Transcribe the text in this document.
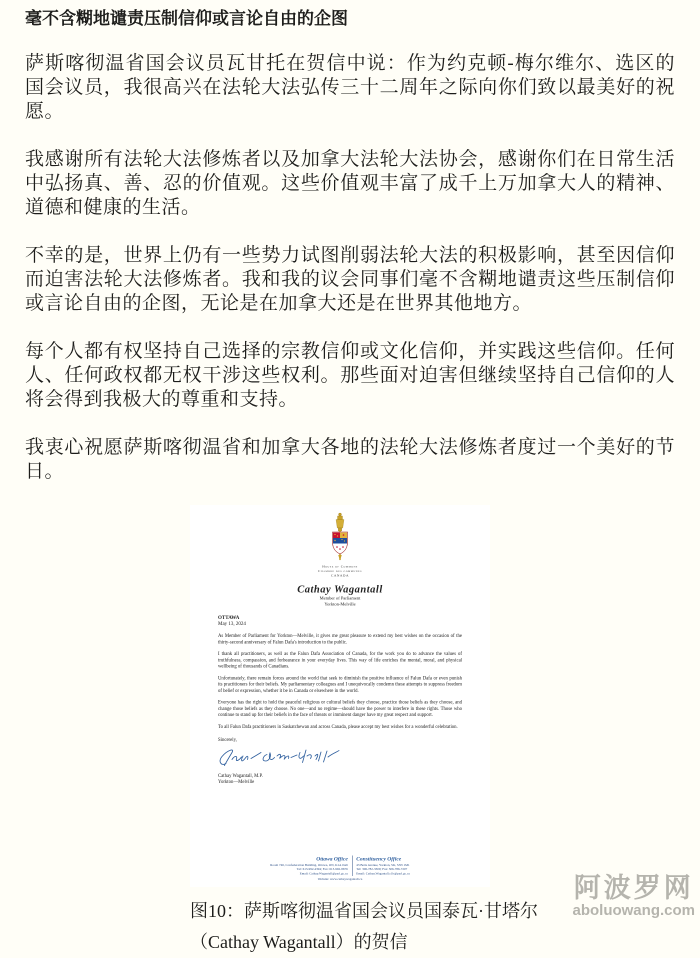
毫不含糊地谴责压制信仰或言论自由的企图

萨斯喀彻温省国会议员瓦甘托在贺信中说：作为约克顿-梅尔维尔、选区的国会议员，我很高兴在法轮大法弘传三十二周年之际向你们致以最美好的祝愿。

我感谢所有法轮大法修炼者以及加拿大法轮大法协会，感谢你们在日常生活中弘扬真、善、忍的价值观。这些价值观丰富了成千上万加拿大人的精神、道德和健康的生活。

不幸的是，世界上仍有一些势力试图削弱法轮大法的积极影响，甚至因信仰而迫害法轮大法修炼者。我和我的议会同事们毫不含糊地谴责这些压制信仰或言论自由的企图，无论是在加拿大还是在世界其他地方。

每个人都有权坚持自己选择的宗教信仰或文化信仰，并实践这些信仰。任何人、任何政权都无权干涉这些权利。那些面对迫害但继续坚持自己信仰的人将会得到我极大的尊重和支持。

我衷心祝愿萨斯喀彻温省和加拿大各地的法轮大法修炼者度过一个美好的节日。

House of Commons
Chambre des communes
CANADA
Cathay Wagantall
Member of Parliament
Yorkton-Melville
OTTAWA
May 13, 2024

As Member of Parliament for Yorkton—Melville, it gives me great pleasure to extend my best wishes on the occasion of the thirty-second anniversary of Falun Dafa's introduction to the public.

I thank all practitioners, as well as the Falun Dafa Association of Canada, for the work you do to advance the values of truthfulness, compassion, and forbearance in your everyday lives. This way of life enriches the mental, moral, and physical wellbeing of thousands of Canadians.

Unfortunately, there remain forces around the world that seek to diminish the positive influence of Falun Dafa or even punish its practitioners for their beliefs. My parliamentary colleagues and I unequivocally condemn these attempts to suppress freedom of belief or expression, whether it be in Canada or elsewhere in the world.

Everyone has the right to hold the peaceful religious or cultural beliefs they choose, practice those beliefs as they choose, and change those beliefs as they choose. No one—and no regime—should have the power to interfere in these rights. Those who continue to stand up for their beliefs in the face of threats or imminent danger have my great respect and support.

To all Falun Dafa practitioners in Saskatchewan and across Canada, please accept my best wishes for a wonderful celebration.

Sincerely,
Cathay Wagantall, M.P.
Yorkton—Melville
Ottawa Office
Room 746, Confederation Building, Ottawa, ON, K1A 0A6
Tel: 613-992-4394; Fax: 613-992-8676
Email: Cathay.Wagantall@parl.gc.ca
Constituency Office
43 Betts Avenue, Yorkton, SK, S3N 1M1
Tel: 306-782-3309; Fax: 306-786-7207
Email: Cathay.Wagantall.c1b@parl.gc.ca
Website: www.cathaywagantall.ca
图10：萨斯喀彻温省国会议员国泰瓦·甘塔尔
（Cathay Wagantall）的贺信
阿波罗网
aboluowang.com
